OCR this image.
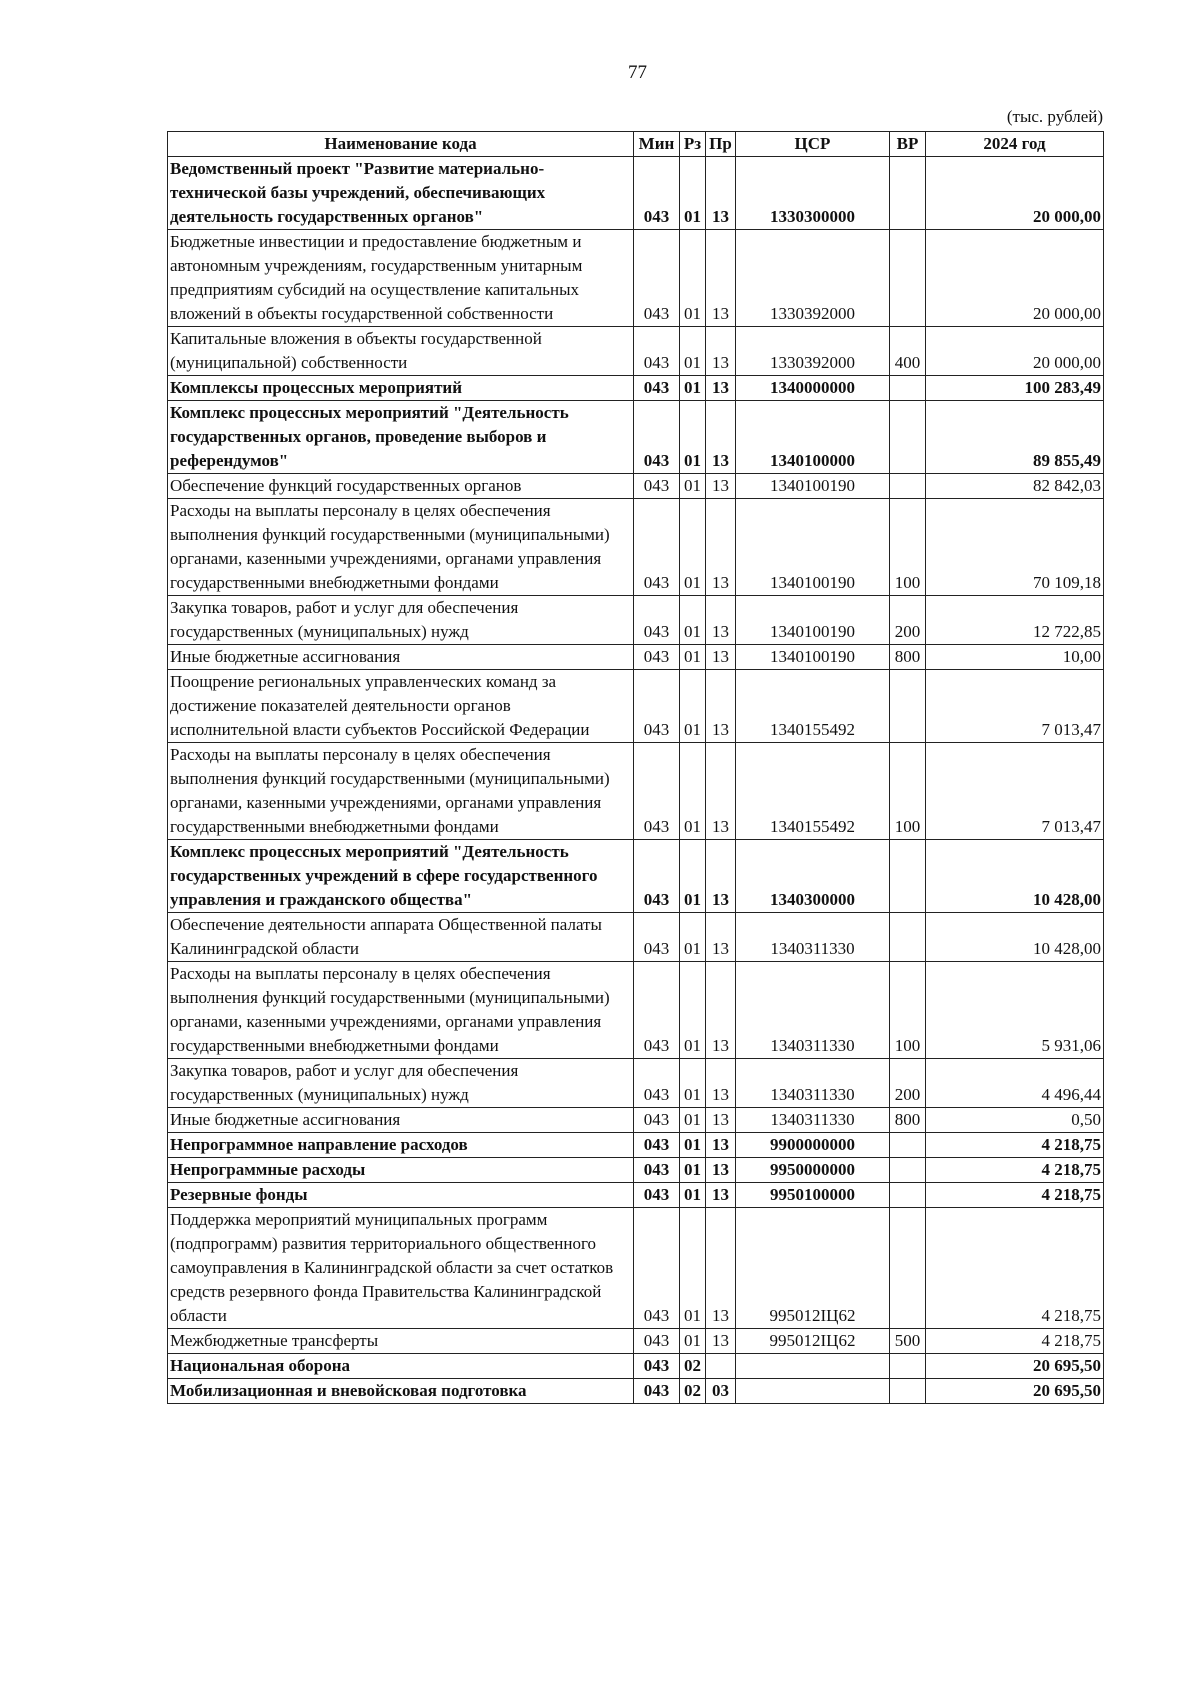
77
(тыс. рублей)
Наименование кода	Мин	Рз	Пр	ЦСР	ВР	2024 год
Ведомственный проект "Развитие материально-технической базы учреждений, обеспечивающих деятельность государственных органов"	043	01	13	1330300000		20 000,00
Бюджетные инвестиции и предоставление бюджетным и автономным учреждениям, государственным унитарным предприятиям субсидий на осуществление капитальных вложений в объекты государственной собственности	043	01	13	1330392000		20 000,00
Капитальные вложения в объекты государственной (муниципальной) собственности	043	01	13	1330392000	400	20 000,00
Комплексы процессных мероприятий	043	01	13	1340000000		100 283,49
Комплекс процессных мероприятий "Деятельность государственных органов, проведение выборов и референдумов"	043	01	13	1340100000		89 855,49
Обеспечение функций государственных органов	043	01	13	1340100190		82 842,03
Расходы на выплаты персоналу в целях обеспечения выполнения функций государственными (муниципальными) органами, казенными учреждениями, органами управления государственными внебюджетными фондами	043	01	13	1340100190	100	70 109,18
Закупка товаров, работ и услуг для обеспечения государственных (муниципальных) нужд	043	01	13	1340100190	200	12 722,85
Иные бюджетные ассигнования	043	01	13	1340100190	800	10,00
Поощрение региональных управленческих команд за достижение показателей деятельности органов исполнительной власти субъектов Российской Федерации	043	01	13	1340155492		7 013,47
Расходы на выплаты персоналу в целях обеспечения выполнения функций государственными (муниципальными) органами, казенными учреждениями, органами управления государственными внебюджетными фондами	043	01	13	1340155492	100	7 013,47
Комплекс процессных мероприятий "Деятельность государственных учреждений в сфере государственного управления и гражданского общества"	043	01	13	1340300000		10 428,00
Обеспечение деятельности аппарата Общественной палаты Калининградской области	043	01	13	1340311330		10 428,00
Расходы на выплаты персоналу в целях обеспечения выполнения функций государственными (муниципальными) органами, казенными учреждениями, органами управления государственными внебюджетными фондами	043	01	13	1340311330	100	5 931,06
Закупка товаров, работ и услуг для обеспечения государственных (муниципальных) нужд	043	01	13	1340311330	200	4 496,44
Иные бюджетные ассигнования	043	01	13	1340311330	800	0,50
Непрограммное направление расходов	043	01	13	9900000000		4 218,75
Непрограммные расходы	043	01	13	9950000000		4 218,75
Резервные фонды	043	01	13	9950100000		4 218,75
Поддержка мероприятий муниципальных программ (подпрограмм) развития территориального общественного самоуправления в Калининградской области за счет остатков средств резервного фонда Правительства Калининградской области	043	01	13	995012IЦ62		4 218,75
Межбюджетные трансферты	043	01	13	995012IЦ62	500	4 218,75
Национальная оборона	043	02				20 695,50
Мобилизационная и вневойсковая подготовка	043	02	03			20 695,50
